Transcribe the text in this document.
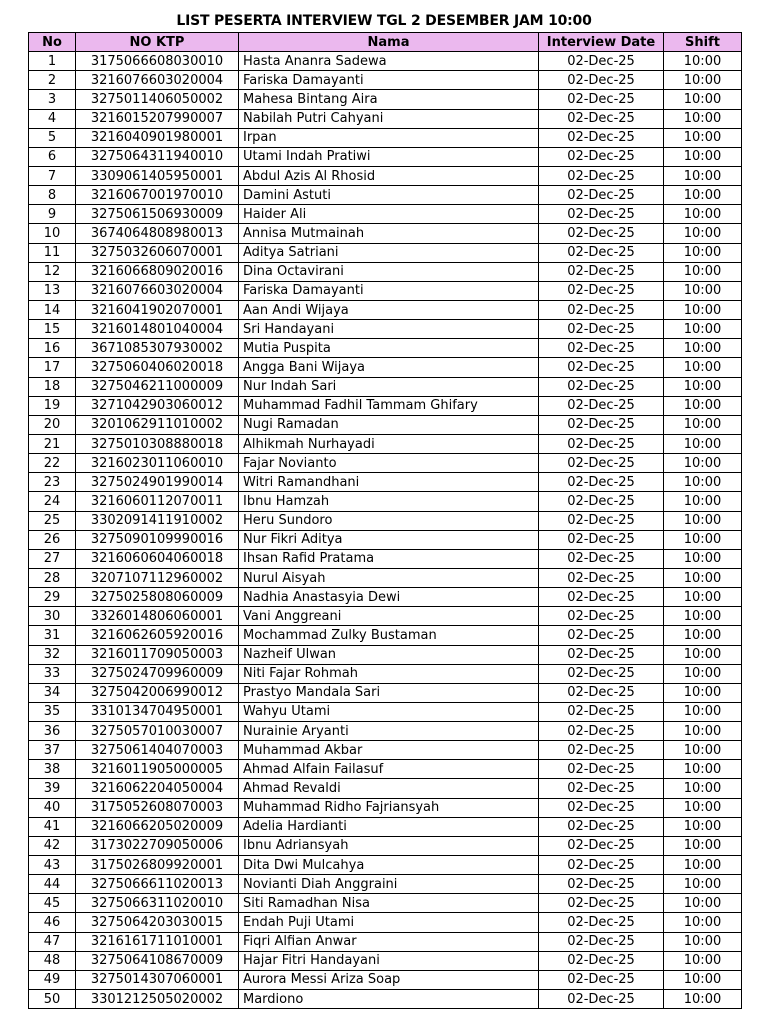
LIST PESERTA INTERVIEW TGL 2 DESEMBER JAM 10:00
No	NO KTP	Nama	Interview Date	Shift
1	3175066608030010	Hasta Ananra Sadewa	02-Dec-25	10:00
2	3216076603020004	Fariska Damayanti	02-Dec-25	10:00
3	3275011406050002	Mahesa Bintang Aira	02-Dec-25	10:00
4	3216015207990007	Nabilah Putri Cahyani	02-Dec-25	10:00
5	3216040901980001	Irpan	02-Dec-25	10:00
6	3275064311940010	Utami Indah Pratiwi	02-Dec-25	10:00
7	3309061405950001	Abdul Azis Al Rhosid	02-Dec-25	10:00
8	3216067001970010	Damini Astuti	02-Dec-25	10:00
9	3275061506930009	Haider Ali	02-Dec-25	10:00
10	3674064808980013	Annisa Mutmainah	02-Dec-25	10:00
11	3275032606070001	Aditya Satriani	02-Dec-25	10:00
12	3216066809020016	Dina Octavirani	02-Dec-25	10:00
13	3216076603020004	Fariska Damayanti	02-Dec-25	10:00
14	3216041902070001	Aan Andi Wijaya	02-Dec-25	10:00
15	3216014801040004	Sri Handayani	02-Dec-25	10:00
16	3671085307930002	Mutia Puspita	02-Dec-25	10:00
17	3275060406020018	Angga Bani Wijaya	02-Dec-25	10:00
18	3275046211000009	Nur Indah Sari	02-Dec-25	10:00
19	3271042903060012	Muhammad Fadhil Tammam Ghifary	02-Dec-25	10:00
20	3201062911010002	Nugi Ramadan	02-Dec-25	10:00
21	3275010308880018	Alhikmah Nurhayadi	02-Dec-25	10:00
22	3216023011060010	Fajar Novianto	02-Dec-25	10:00
23	3275024901990014	Witri Ramandhani	02-Dec-25	10:00
24	3216060112070011	Ibnu Hamzah	02-Dec-25	10:00
25	3302091411910002	Heru Sundoro	02-Dec-25	10:00
26	3275090109990016	Nur Fikri Aditya	02-Dec-25	10:00
27	3216060604060018	Ihsan Rafid Pratama	02-Dec-25	10:00
28	3207107112960002	Nurul Aisyah	02-Dec-25	10:00
29	3275025808060009	Nadhia Anastasyia Dewi	02-Dec-25	10:00
30	3326014806060001	Vani Anggreani	02-Dec-25	10:00
31	3216062605920016	Mochammad Zulky Bustaman	02-Dec-25	10:00
32	3216011709050003	Nazheif Ulwan	02-Dec-25	10:00
33	3275024709960009	Niti Fajar Rohmah	02-Dec-25	10:00
34	3275042006990012	Prastyo Mandala Sari	02-Dec-25	10:00
35	3310134704950001	Wahyu Utami	02-Dec-25	10:00
36	3275057010030007	Nurainie Aryanti	02-Dec-25	10:00
37	3275061404070003	Muhammad Akbar	02-Dec-25	10:00
38	3216011905000005	Ahmad Alfain Failasuf	02-Dec-25	10:00
39	3216062204050004	Ahmad Revaldi	02-Dec-25	10:00
40	3175052608070003	Muhammad Ridho Fajriansyah	02-Dec-25	10:00
41	3216066205020009	Adelia Hardianti	02-Dec-25	10:00
42	3173022709050006	Ibnu Adriansyah	02-Dec-25	10:00
43	3175026809920001	Dita Dwi Mulcahya	02-Dec-25	10:00
44	3275066611020013	Novianti Diah Anggraini	02-Dec-25	10:00
45	3275066311020010	Siti Ramadhan Nisa	02-Dec-25	10:00
46	3275064203030015	Endah Puji Utami	02-Dec-25	10:00
47	3216161711010001	Fiqri Alfian Anwar	02-Dec-25	10:00
48	3275064108670009	Hajar Fitri Handayani	02-Dec-25	10:00
49	3275014307060001	Aurora Messi Ariza Soap	02-Dec-25	10:00
50	3301212505020002	Mardiono	02-Dec-25	10:00
